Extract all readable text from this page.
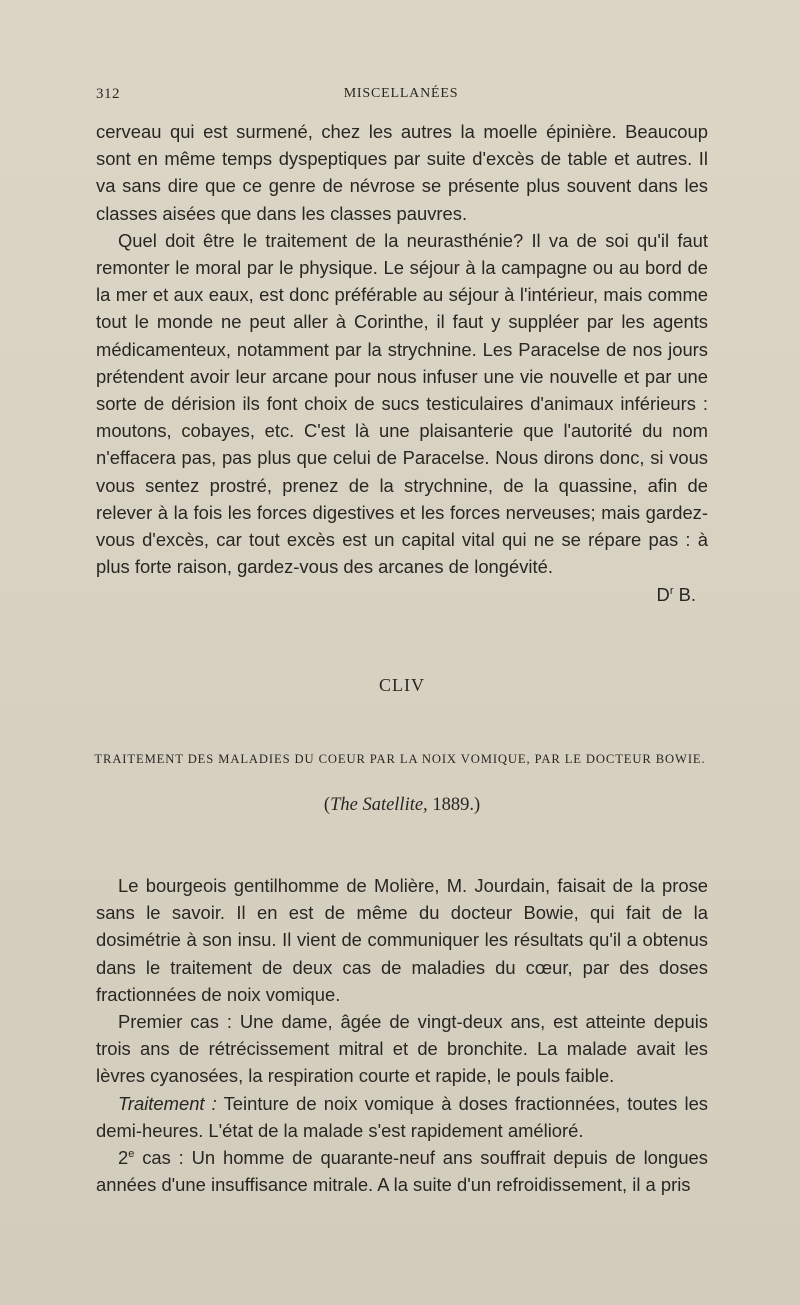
312	MISCELLANÉES

cerveau qui est surmené, chez les autres la moelle épinière. Beaucoup sont en même temps dyspeptiques par suite d'excès de table et autres. Il va sans dire que ce genre de névrose se présente plus souvent dans les classes aisées que dans les classes pauvres.

Quel doit être le traitement de la neurasthénie? Il va de soi qu'il faut remonter le moral par le physique. Le séjour à la campagne ou au bord de la mer et aux eaux, est donc préférable au séjour à l'intérieur, mais comme tout le monde ne peut aller à Corinthe, il faut y suppléer par les agents médicamenteux, notamment par la strychnine. Les Paracelse de nos jours prétendent avoir leur arcane pour nous infuser une vie nouvelle et par une sorte de dérision ils font choix de sucs testiculaires d'animaux inférieurs : moutons, cobayes, etc. C'est là une plaisanterie que l'autorité du nom n'effacera pas, pas plus que celui de Paracelse. Nous dirons donc, si vous vous sentez prostré, prenez de la strychnine, de la quassine, afin de relever à la fois les forces digestives et les forces nerveuses; mais gardez-vous d'excès, car tout excès est un capital vital qui ne se répare pas : à plus forte raison, gardez-vous des arcanes de longévité.

$D^r$ B.
CLIV
TRAITEMENT DES MALADIES DU COEUR PAR LA NOIX VOMIQUE, PAR LE DOCTEUR BOWIE.
(The Satellite, 1889.)

Le bourgeois gentilhomme de Molière, M. Jourdain, faisait de la prose sans le savoir. Il en est de même du docteur Bowie, qui fait de la dosimétrie à son insu. Il vient de communiquer les résultats qu'il a obtenus dans le traitement de deux cas de maladies du cœur, par des doses fractionnées de noix vomique.

Premier cas : Une dame, âgée de vingt-deux ans, est atteinte depuis trois ans de rétrécissement mitral et de bronchite. La malade avait les lèvres cyanosées, la respiration courte et rapide, le pouls faible.

Traitement : Teinture de noix vomique à doses fractionnées, toutes les demi-heures. L'état de la malade s'est rapidement amélioré.

2e cas : Un homme de quarante-neuf ans souffrait depuis de longues années d'une insuffisance mitrale. A la suite d'un refroidissement, il a pris
